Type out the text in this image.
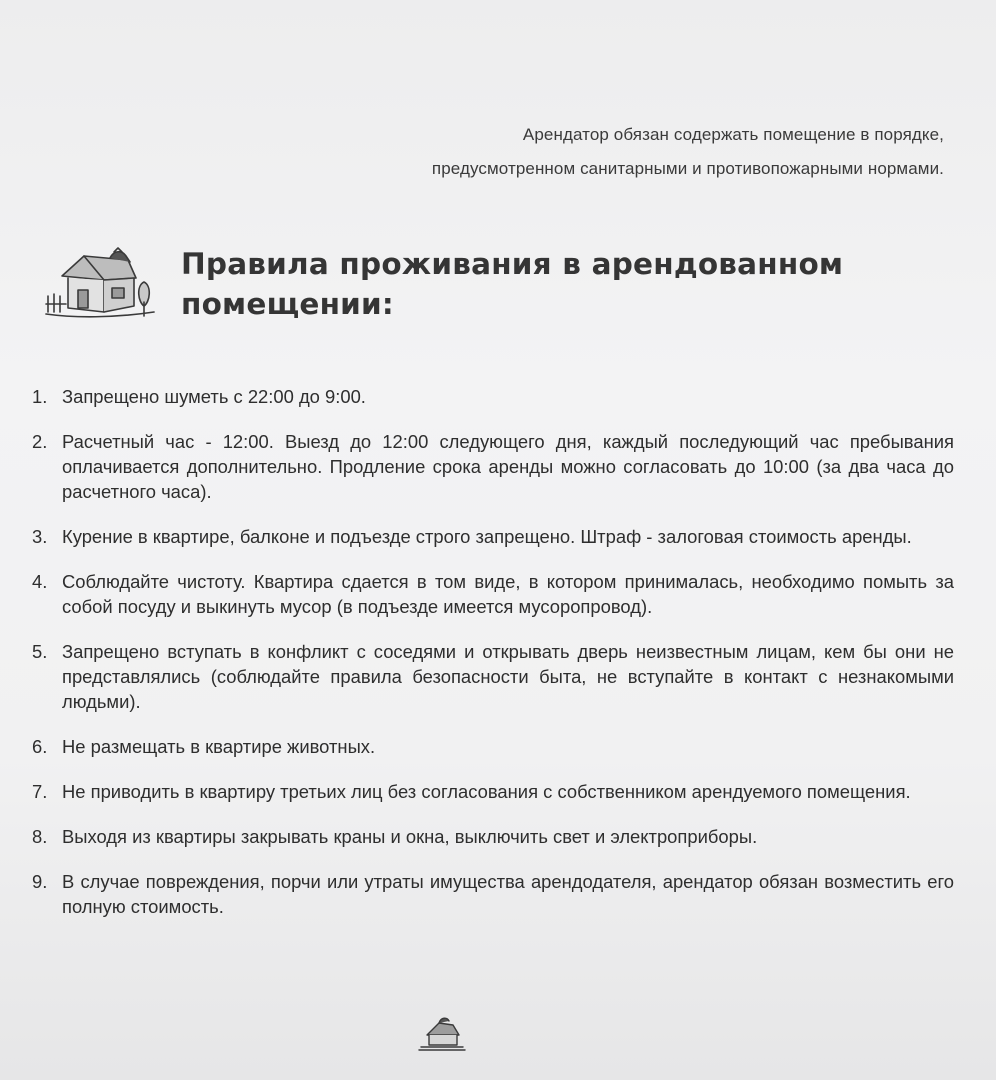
Арендатор обязан содержать помещение в порядке,
предусмотренном санитарными и противопожарными нормами.
Правила проживания в арендованном
помещении:
1. Запрещено шуметь с 22:00 до 9:00.
2. Расчетный час - 12:00. Выезд до 12:00 следующего дня, каждый последующий час пребывания оплачивается дополнительно. Продление срока аренды можно согласовать до 10:00 (за два часа до расчетного часа).
3. Курение в квартире, балконе и подъезде строго запрещено. Штраф - залоговая стоимость аренды.
4. Соблюдайте чистоту. Квартира сдается в том виде, в котором принималась, необходимо помыть за собой посуду и выкинуть мусор (в подъезде имеется мусоропровод).
5. Запрещено вступать в конфликт с соседями и открывать дверь неизвестным лицам, кем бы они не представлялись (соблюдайте правила безопасности быта, не вступайте в контакт с незнакомыми людьми).
6. Не размещать в квартире животных.
7. Не приводить в квартиру третьих лиц без согласования с собственником арендуемого помещения.
8. Выходя из квартиры закрывать краны и окна, выключить свет и электроприборы.
9. В случае повреждения, порчи или утраты имущества арендодателя, арендатор обязан возместить его полную стоимость.
